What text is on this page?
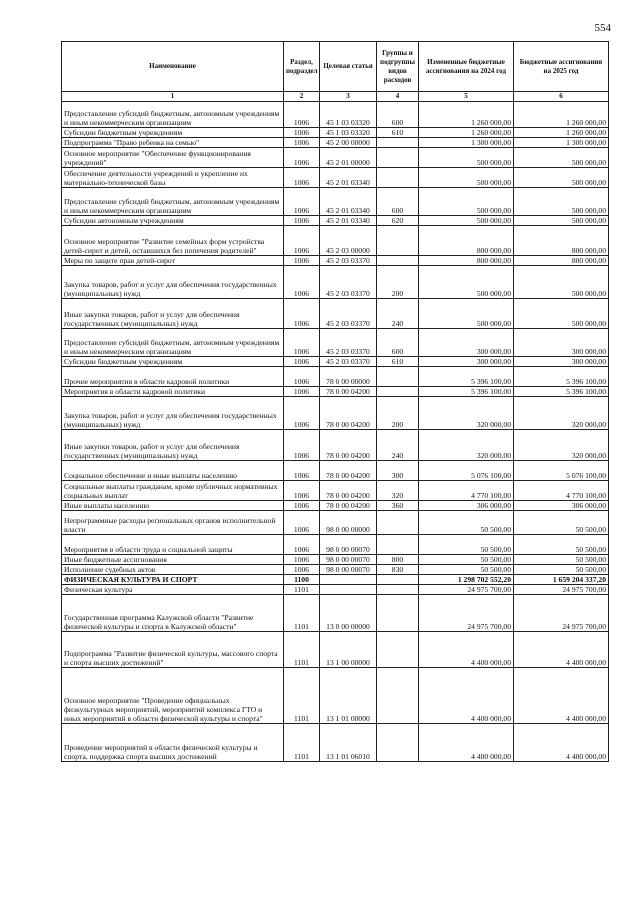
554
Наименование	Раздел, подраздел	Целевая статья	Группы и подгруппы видов расходов	Измененные бюджетные ассигнования на 2024 год	Бюджетные ассигнования на 2025 год
1	2	3	4	5	6
Предоставление субсидий бюджетным, автономным учреждениям и иным некоммерческим организациям	1006	45 1 03 03320	600	1 260 000,00	1 260 000,00
Субсидии бюджетным учреждениям	1006	45 1 03 03320	610	1 260 000,00	1 260 000,00
Подпрограмма "Право ребенка на семью"	1006	45 2 00 00000		1 300 000,00	1 300 000,00
Основное мероприятие "Обеспечение функционирования учреждений"	1006	45 2 01 00000		500 000,00	500 000,00
Обеспечение деятельности учреждений и укрепление их материально-технической базы	1006	45 2 01 03340		500 000,00	500 000,00
Предоставление субсидий бюджетным, автономным учреждениям и иным некоммерческим организациям	1006	45 2 01 03340	600	500 000,00	500 000,00
Субсидии автономным учреждениям	1006	45 2 01 03340	620	500 000,00	500 000,00
Основное мероприятие "Развитие семейных форм устройства детей-сирот и детей, оставшихся без попечения родителей"	1006	45 2 03 00000		800 000,00	800 000,00
Меры по защите прав детей-сирот	1006	45 2 03 03370		800 000,00	800 000,00
Закупка товаров, работ и услуг для обеспечения государственных (муниципальных) нужд	1006	45 2 03 03370	200	500 000,00	500 000,00
Иные закупки товаров, работ и услуг для обеспечения государственных (муниципальных) нужд	1006	45 2 03 03370	240	500 000,00	500 000,00
Предоставление субсидий бюджетным, автономным учреждениям и иным некоммерческим организациям	1006	45 2 03 03370	600	300 000,00	300 000,00
Субсидии бюджетным учреждениям	1006	45 2 03 03370	610	300 000,00	300 000,00
Прочие мероприятия в области кадровой политики	1006	78 0 00 00000		5 396 100,00	5 396 100,00
Мероприятия в области кадровой политики	1006	78 0 00 04200		5 396 100,00	5 396 100,00
Закупка товаров, работ и услуг для обеспечения государственных (муниципальных) нужд	1006	78 0 00 04200	200	320 000,00	320 000,00
Иные закупки товаров, работ и услуг для обеспечения государственных (муниципальных) нужд	1006	78 0 00 04200	240	320 000,00	320 000,00
Социальное обеспечение и иные выплаты населению	1006	78 0 00 04200	300	5 076 100,00	5 076 100,00
Социальные выплаты гражданам, кроме публичных нормативных социальных выплат	1006	78 0 00 04200	320	4 770 100,00	4 770 100,00
Иные выплаты населению	1006	78 0 00 04200	360	306 000,00	306 000,00
Непрограммные расходы региональных органов исполнительной власти	1006	98 0 00 00000		50 500,00	50 500,00
Мероприятия в области труда и социальной защиты	1006	98 0 00 00070		50 500,00	50 500,00
Иные бюджетные ассигнования	1006	98 0 00 00070	800	50 500,00	50 500,00
Исполнение судебных актов	1006	98 0 00 00070	830	50 500,00	50 500,00
ФИЗИЧЕСКАЯ КУЛЬТУРА И СПОРТ	1100			1 298 702 552,20	1 659 204 337,20
Физическая культура	1101			24 975 700,00	24 975 700,00
Государственная программа Калужской области "Развитие физической культуры и спорта в Калужской области"	1101	13 0 00 00000		24 975 700,00	24 975 700,00
Подпрограмма "Развитие физической культуры, массового спорта и спорта высших достижений"	1101	13 1 00 00000		4 400 000,00	4 400 000,00
Основное мероприятие "Проведение официальных физкультурных мероприятий, мероприятий комплекса ГТО и иных мероприятий в области физической культуры и спорта"	1101	13 1 01 00000		4 400 000,00	4 400 000,00
Проведение мероприятий в области физической культуры и спорта, поддержка спорта высших достижений	1101	13 1 01 06010		4 400 000,00	4 400 000,00
